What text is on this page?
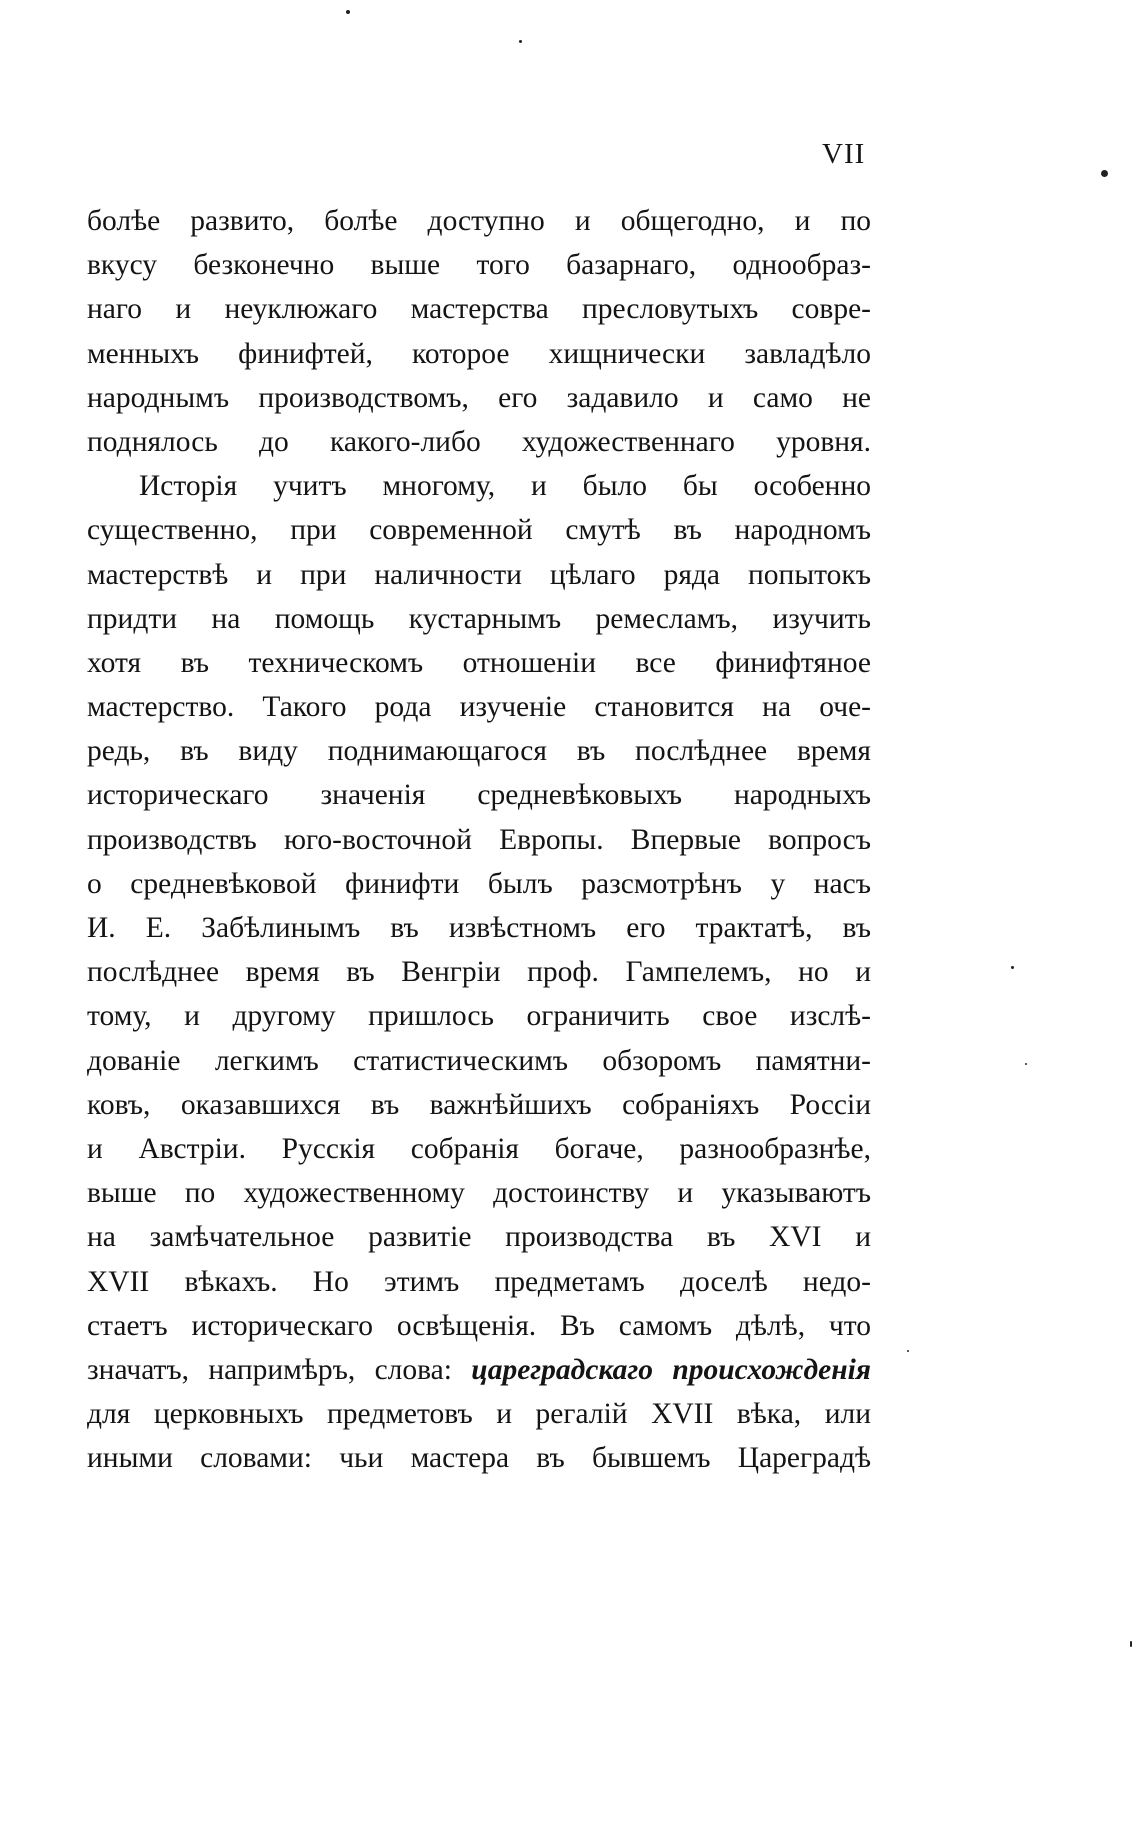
VII
болѣе развито, болѣе доступно и общегодно, и по
вкусу безконечно выше того базарнаго, однообраз-
наго и неуклюжаго мастерства пресловутыхъ совре-
менныхъ финифтей, которое хищнически завладѣло
народнымъ производствомъ, его задавило и само не
поднялось до какого-либо художественнаго уровня.
Исторія учитъ многому, и было бы особенно
существенно, при современной смутѣ въ народномъ
мастерствѣ и при наличности цѣлаго ряда попытокъ
придти на помощь кустарнымъ ремесламъ, изучить
хотя въ техническомъ отношеніи все финифтяное
мастерство. Такого рода изученіе становится на оче-
редь, въ виду поднимающагося въ послѣднее время
историческаго значенія средневѣковыхъ народныхъ
производствъ юго-восточной Европы. Впервые вопросъ
о средневѣковой финифти былъ разсмотрѣнъ у насъ
И. Е. Забѣлинымъ въ извѣстномъ его трактатѣ, въ
послѣднее время въ Венгріи проф. Гампелемъ, но и
тому, и другому пришлось ограничить свое изслѣ-
дованіе легкимъ статистическимъ обзоромъ памятни-
ковъ, оказавшихся въ важнѣйшихъ собраніяхъ Россіи
и Австріи. Русскія собранія богаче, разнообразнѣе,
выше по художественному достоинству и указываютъ
на замѣчательное развитіе производства въ XVI и
XVII вѣкахъ. Но этимъ предметамъ доселѣ недо-
стаетъ историческаго освѣщенія. Въ самомъ дѣлѣ, что
значатъ, напримѣръ, слова: цареградскаго происхожденія
для церковныхъ предметовъ и регалій XVII вѣка, или
иными словами: чьи мастера въ бывшемъ Цареградѣ
